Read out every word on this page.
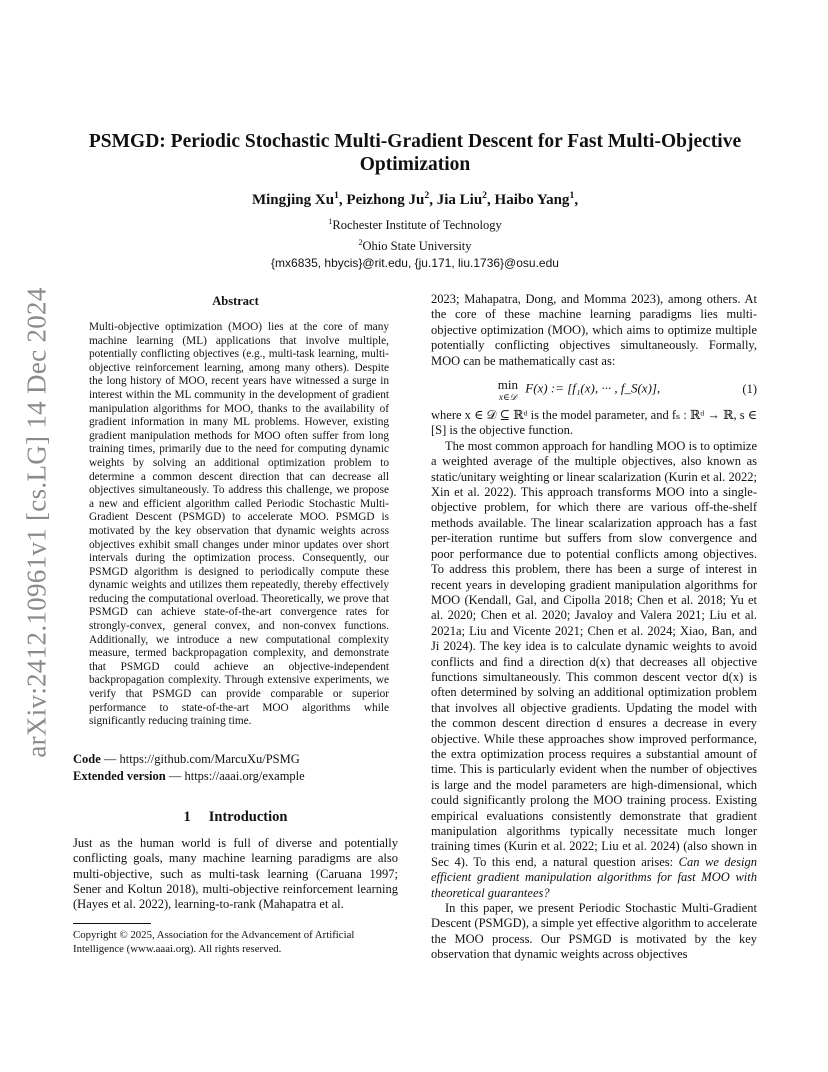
arXiv:2412.10961v1 [cs.LG] 14 Dec 2024
PSMGD: Periodic Stochastic Multi-Gradient Descent for Fast Multi-Objective Optimization
Mingjing Xu$^1$, Peizhong Ju$^2$, Jia Liu$^2$, Haibo Yang$^1$,
$^1$Rochester Institute of Technology
$^2$Ohio State University
{mx6835, hbycis}@rit.edu, {ju.171, liu.1736}@osu.edu
Abstract

Multi-objective optimization (MOO) lies at the core of many machine learning (ML) applications that involve multiple, potentially conflicting objectives (e.g., multi-task learning, multi-objective reinforcement learning, among many others). Despite the long history of MOO, recent years have witnessed a surge in interest within the ML community in the development of gradient manipulation algorithms for MOO, thanks to the availability of gradient information in many ML problems. However, existing gradient manipulation methods for MOO often suffer from long training times, primarily due to the need for computing dynamic weights by solving an additional optimization problem to determine a common descent direction that can decrease all objectives simultaneously. To address this challenge, we propose a new and efficient algorithm called Periodic Stochastic Multi-Gradient Descent (PSMGD) to accelerate MOO. PSMGD is motivated by the key observation that dynamic weights across objectives exhibit small changes under minor updates over short intervals during the optimization process. Consequently, our PSMGD algorithm is designed to periodically compute these dynamic weights and utilizes them repeatedly, thereby effectively reducing the computational overload. Theoretically, we prove that PSMGD can achieve state-of-the-art convergence rates for strongly-convex, general convex, and non-convex functions. Additionally, we introduce a new computational complexity measure, termed backpropagation complexity, and demonstrate that PSMGD could achieve an objective-independent backpropagation complexity. Through extensive experiments, we verify that PSMGD can provide comparable or superior performance to state-of-the-art MOO algorithms while significantly reducing training time.

Code — https://github.com/MarcuXu/PSMG
Extended version — https://aaai.org/example
1 Introduction

Just as the human world is full of diverse and potentially conflicting goals, many machine learning paradigms are also multi-objective, such as multi-task learning (Caruana 1997; Sener and Koltun 2018), multi-objective reinforcement learning (Hayes et al. 2022), learning-to-rank (Mahapatra et al.

Copyright © 2025, Association for the Advancement of Artificial Intelligence (www.aaai.org). All rights reserved.

2023; Mahapatra, Dong, and Momma 2023), among others. At the core of these machine learning paradigms lies multi-objective optimization (MOO), which aims to optimize multiple potentially conflicting objectives simultaneously. Formally, MOO can be mathematically cast as:

min
x∈𝒟
F(x) := [f₁(x), ··· , f_S(x)],	(1)

where x ∈ 𝒟 ⊆ ℝᵈ is the model parameter, and fₛ : ℝᵈ → ℝ, s ∈ [S] is the objective function.

The most common approach for handling MOO is to optimize a weighted average of the multiple objectives, also known as static/unitary weighting or linear scalarization (Kurin et al. 2022; Xin et al. 2022). This approach transforms MOO into a single-objective problem, for which there are various off-the-shelf methods available. The linear scalarization approach has a fast per-iteration runtime but suffers from slow convergence and poor performance due to potential conflicts among objectives. To address this problem, there has been a surge of interest in recent years in developing gradient manipulation algorithms for MOO (Kendall, Gal, and Cipolla 2018; Chen et al. 2018; Yu et al. 2020; Chen et al. 2020; Javaloy and Valera 2021; Liu et al. 2021a; Liu and Vicente 2021; Chen et al. 2024; Xiao, Ban, and Ji 2024). The key idea is to calculate dynamic weights to avoid conflicts and find a direction d(x) that decreases all objective functions simultaneously. This common descent vector d(x) is often determined by solving an additional optimization problem that involves all objective gradients. Updating the model with the common descent direction d ensures a decrease in every objective. While these approaches show improved performance, the extra optimization process requires a substantial amount of time. This is particularly evident when the number of objectives is large and the model parameters are high-dimensional, which could significantly prolong the MOO training process. Existing empirical evaluations consistently demonstrate that gradient manipulation algorithms typically necessitate much longer training times (Kurin et al. 2022; Liu et al. 2024) (also shown in Sec 4). To this end, a natural question arises: Can we design efficient gradient manipulation algorithms for fast MOO with theoretical guarantees?

In this paper, we present Periodic Stochastic Multi-Gradient Descent (PSMGD), a simple yet effective algorithm to accelerate the MOO process. Our PSMGD is motivated by the key observation that dynamic weights across objectives
